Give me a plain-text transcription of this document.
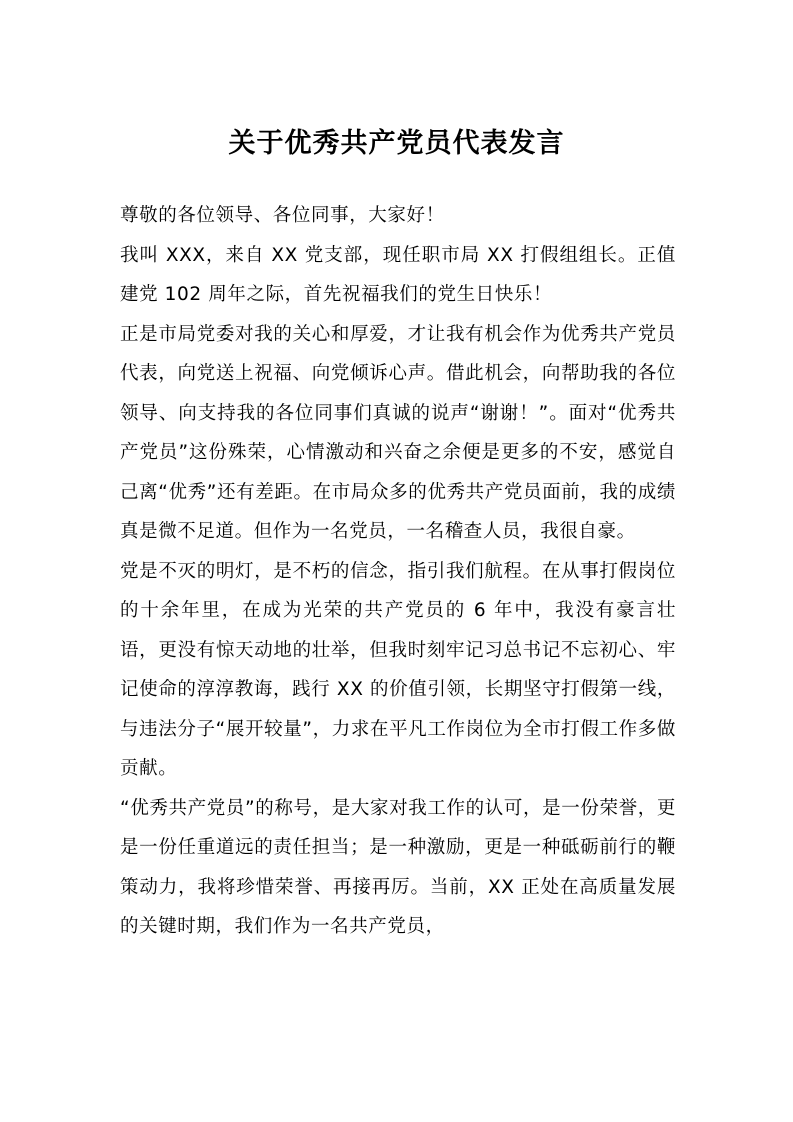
关于优秀共产党员代表发言

尊敬的各位领导、各位同事，大家好！

我叫 XXX，来自 XX 党支部，现任职市局 XX 打假组组长。正值建党 102 周年之际，首先祝福我们的党生日快乐！

正是市局党委对我的关心和厚爱，才让我有机会作为优秀共产党员代表，向党送上祝福、向党倾诉心声。借此机会，向帮助我的各位领导、向支持我的各位同事们真诚的说声“谢谢！”。面对“优秀共产党员”这份殊荣，心情激动和兴奋之余便是更多的不安，感觉自己离“优秀”还有差距。在市局众多的优秀共产党员面前，我的成绩真是微不足道。但作为一名党员，一名稽查人员，我很自豪。

党是不灭的明灯，是不朽的信念，指引我们航程。在从事打假岗位的十余年里，在成为光荣的共产党员的 6 年中，我没有豪言壮语，更没有惊天动地的壮举，但我时刻牢记习总书记不忘初心、牢记使命的淳淳教诲，践行 XX 的价值引领，长期坚守打假第一线，与违法分子“展开较量”，力求在平凡工作岗位为全市打假工作多做贡献。

“优秀共产党员”的称号，是大家对我工作的认可，是一份荣誉，更是一份任重道远的责任担当；是一种激励，更是一种砥砺前行的鞭策动力，我将珍惜荣誉、再接再厉。当前，XX 正处在高质量发展的关键时期，我们作为一名共产党员，
